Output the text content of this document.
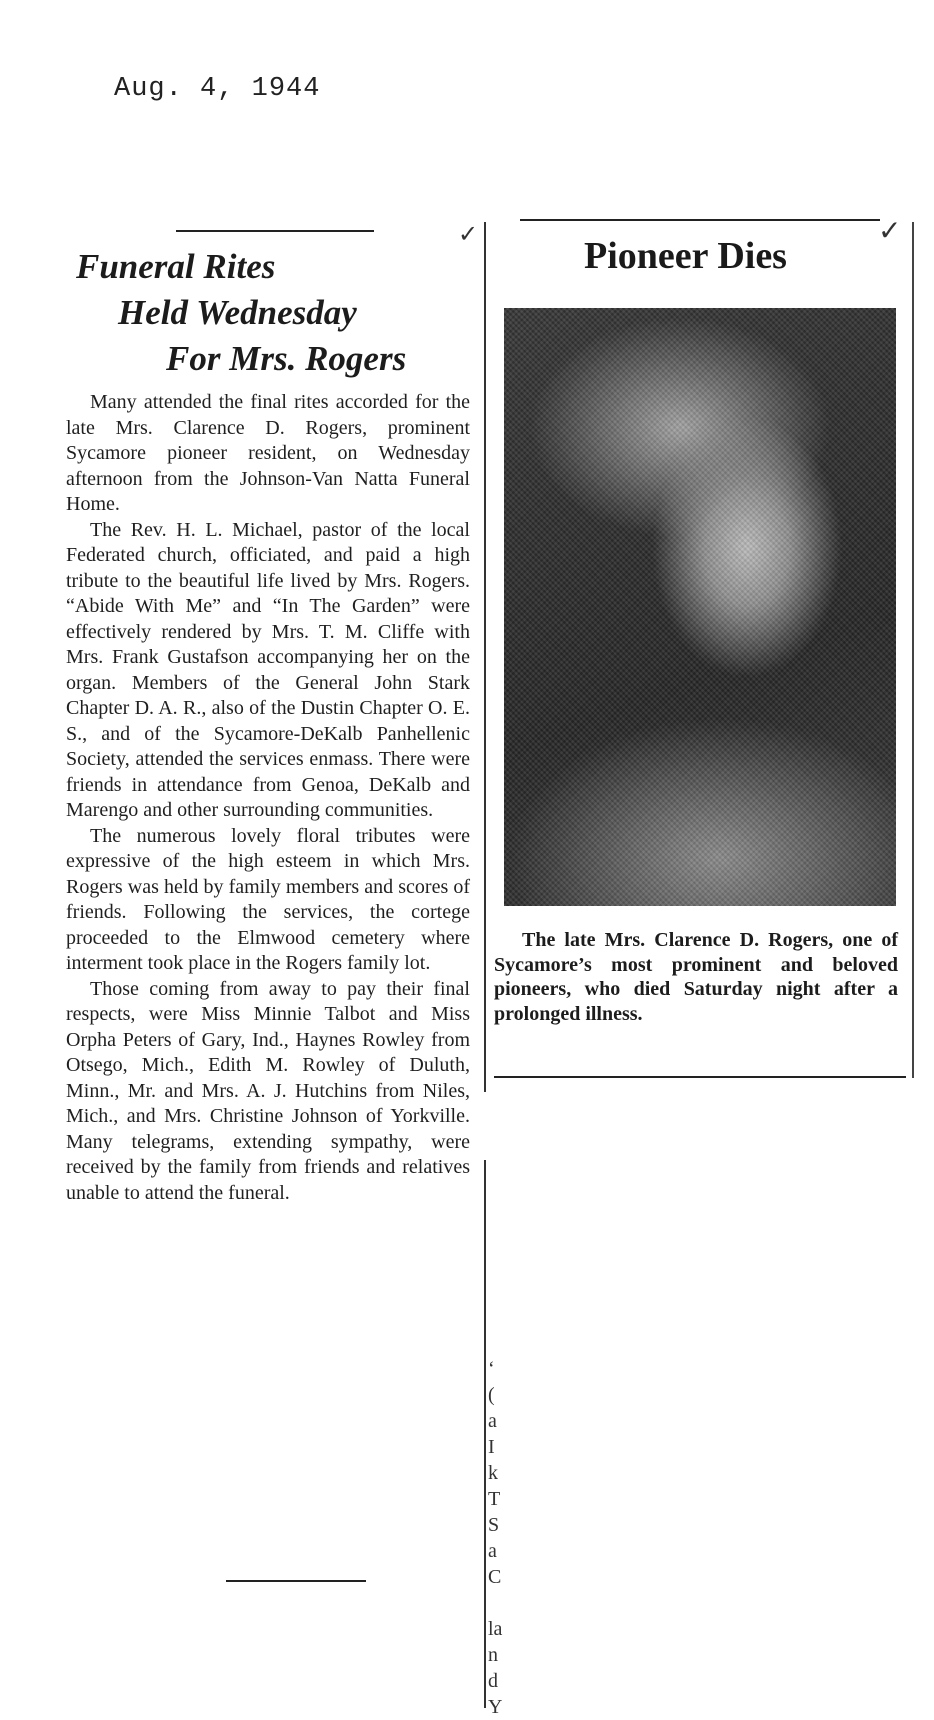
Aug. 4, 1944
✓	✓
Funeral Rites
Held Wednesday
For Mrs. Rogers

Many attended the final rites accorded for the late Mrs. Clarence D. Rogers, prominent Sycamore pioneer resident, on Wednesday afternoon from the Johnson-Van Natta Funeral Home.

The Rev. H. L. Michael, pastor of the local Federated church, officiated, and paid a high tribute to the beautiful life lived by Mrs. Rogers. “Abide With Me” and “In The Garden” were effectively rendered by Mrs. T. M. Cliffe with Mrs. Frank Gustafson accompanying her on the organ. Members of the General John Stark Chapter D. A. R., also of the Dustin Chapter O. E. S., and of the Sycamore-DeKalb Panhellenic Society, attended the services enmass. There were friends in attendance from Genoa, DeKalb and Marengo and other surrounding communities.

The numerous lovely floral tributes were expressive of the high esteem in which Mrs. Rogers was held by family members and scores of friends. Following the services, the cortege proceeded to the Elmwood cemetery where interment took place in the Rogers family lot.

Those coming from away to pay their final respects, were Miss Minnie Talbot and Miss Orpha Peters of Gary, Ind., Haynes Rowley from Otsego, Mich., Edith M. Rowley of Duluth, Minn., Mr. and Mrs. A. J. Hutchins from Niles, Mich., and Mrs. Christine Johnson of Yorkville. Many telegrams, extending sympathy, were received by the family from friends and relatives unable to attend the funeral.

Pioneer Dies
The late Mrs. Clarence D. Rogers, one of Sycamore’s most prominent and beloved pioneers, who died Saturday night after a prolonged illness.
‘
(
a
I
k
T
S
a
C

la
n
d
Y
